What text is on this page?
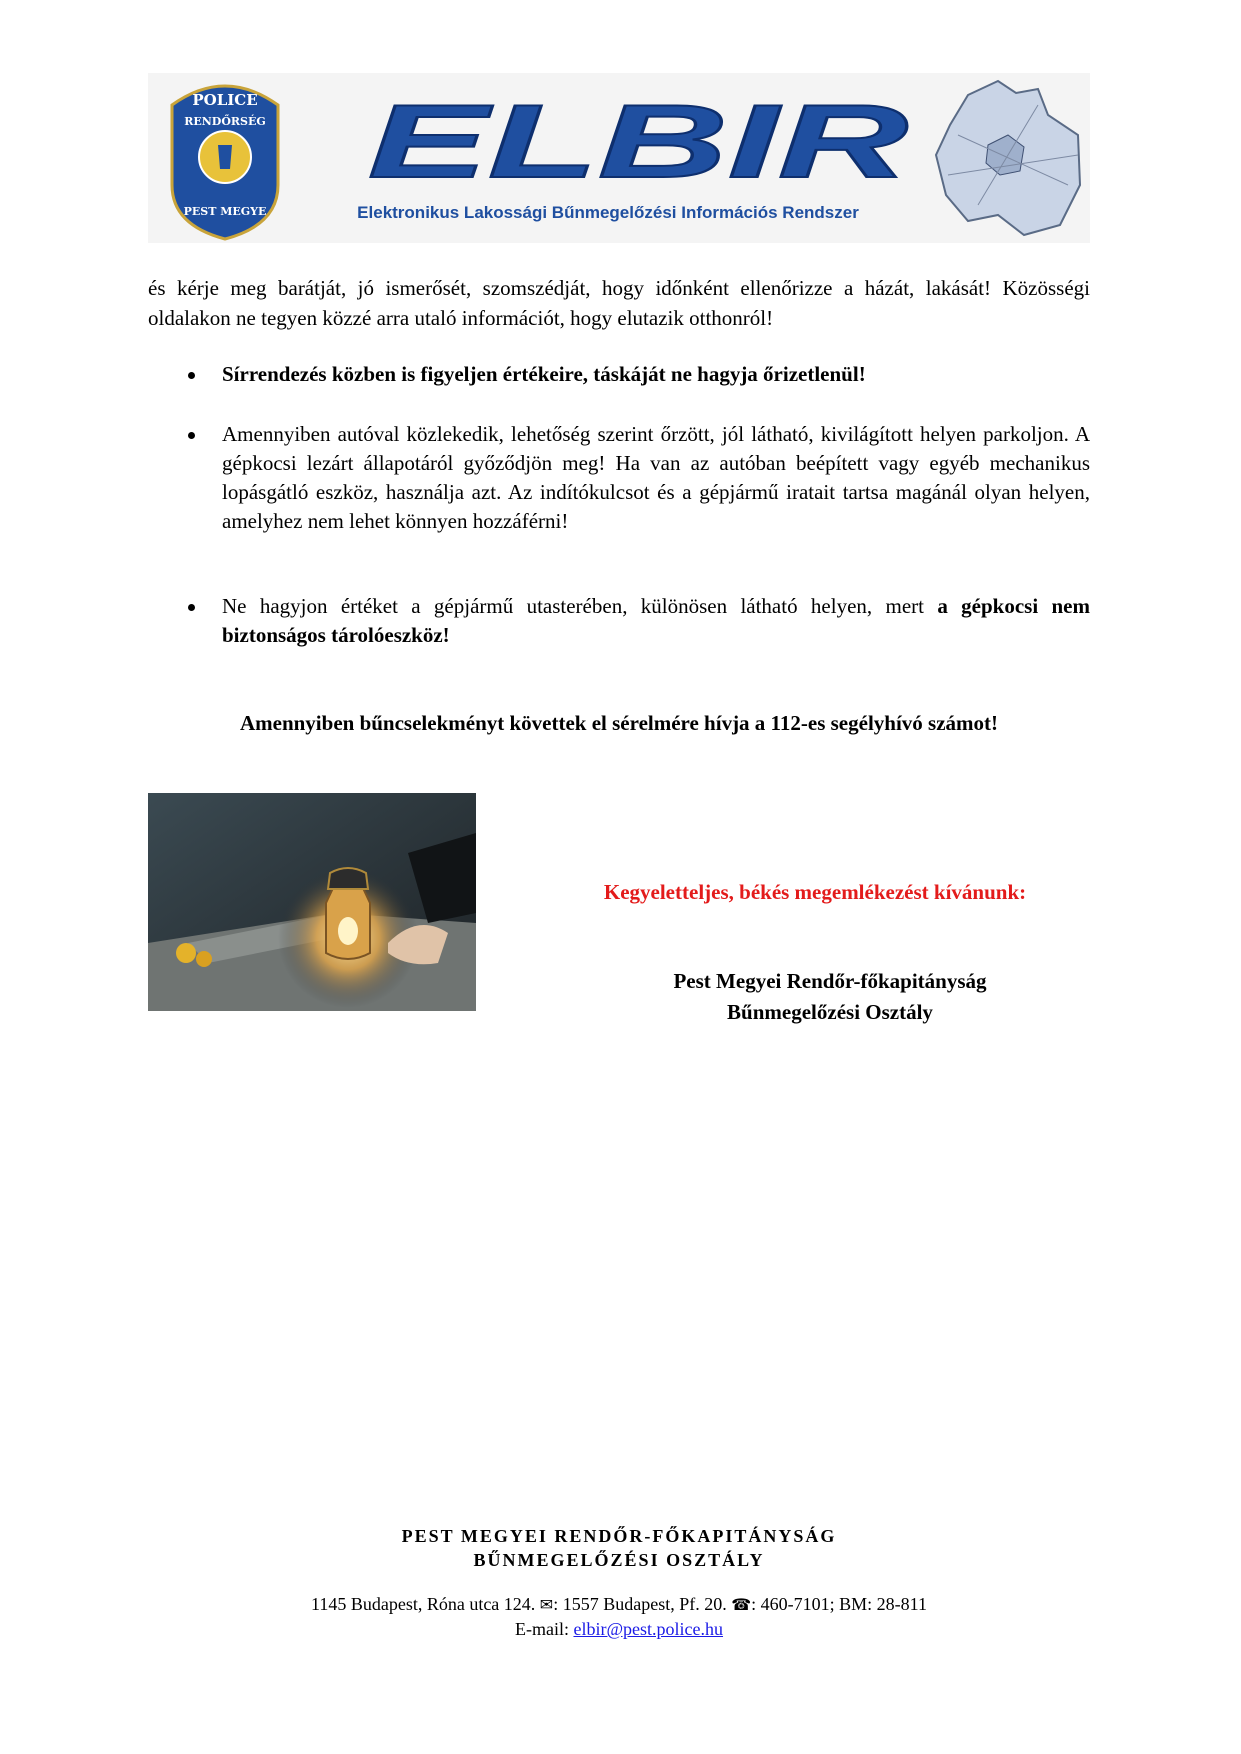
POLICE
RENDŐRSÉG
PEST MEGYE
ELBIR
Elektronikus Lakossági Bűnmegelőzési Információs Rendszer
és kérje meg barátját, jó ismerősét, szomszédját, hogy időnként ellenőrizze a házát, lakását! Közösségi oldalakon ne tegyen közzé arra utaló információt, hogy elutazik otthonról!
Sírrendezés közben is figyeljen értékeire, táskáját ne hagyja őrizetlenül!
Amennyiben autóval közlekedik, lehetőség szerint őrzött, jól látható, kivilágított helyen parkoljon. A gépkocsi lezárt állapotáról győződjön meg! Ha van az autóban beépített vagy egyéb mechanikus lopásgátló eszköz, használja azt. Az indítókulcsot és a gépjármű iratait tartsa magánál olyan helyen, amelyhez nem lehet könnyen hozzáférni!
Ne hagyjon értéket a gépjármű utasterében, különösen látható helyen, mert a gépkocsi nem biztonságos tárolóeszköz!
Amennyiben bűncselekményt követtek el sérelmére hívja a 112-es segélyhívó számot!
Kegyeletteljes, békés megemlékezést kívánunk:
Pest Megyei Rendőr-főkapitányság
Bűnmegelőzési Osztály
PEST MEGYEI RENDŐR-FŐKAPITÁNYSÁG
BŰNMEGELŐZÉSI OSZTÁLY
1145 Budapest, Róna utca 124. ✉: 1557 Budapest, Pf. 20. ☎: 460-7101; BM: 28-811
E-mail: elbir@pest.police.hu
